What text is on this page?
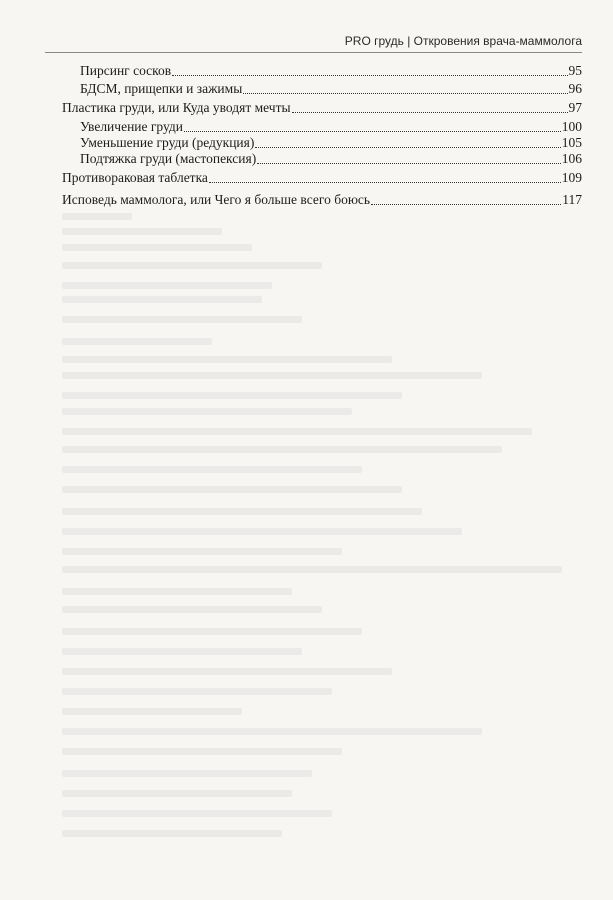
PRO грудь | Откровения врача-маммолога
Пирсинг сосков	95
БДСМ, прищепки и зажимы	96
Пластика груди, или Куда уводят мечты	97
Увеличение груди	100
Уменьшение груди (редукция)	105
Подтяжка груди (мастопексия)	106
Противораковая таблетка	109
Исповедь маммолога, или Чего я больше всего боюсь	117
